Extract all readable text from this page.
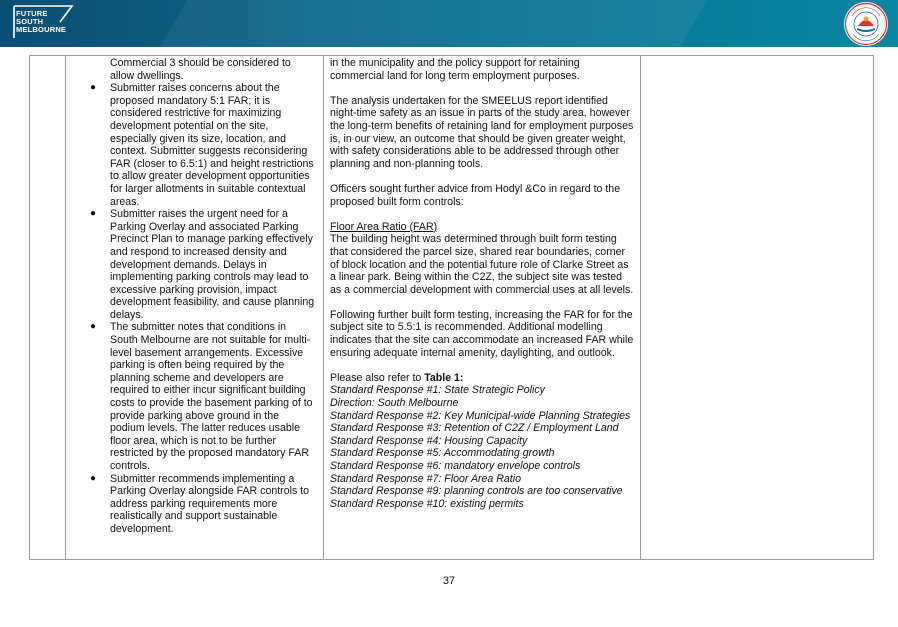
FUTURE
SOUTH
MELBOURNE
Commercial 3 should be considered to allow dwellings.
● Submitter raises concerns about the proposed mandatory 5:1 FAR; it is considered restrictive for maximizing development potential on the site, especially given its size, location, and context. Submitter suggests reconsidering FAR (closer to 6.5:1) and height restrictions to allow greater development opportunities for larger allotments in suitable contextual areas.
● Submitter raises the urgent need for a Parking Overlay and associated Parking Precinct Plan to manage parking effectively and respond to increased density and development demands. Delays in implementing parking controls may lead to excessive parking provision, impact development feasibility, and cause planning delays.
● The submitter notes that conditions in South Melbourne are not suitable for multi-level basement arrangements. Excessive parking is often being required by the planning scheme and developers are required to either incur significant building costs to provide the basement parking of to provide parking above ground in the podium levels. The latter reduces usable floor area, which is not to be further restricted by the proposed mandatory FAR controls.
● Submitter recommends implementing a Parking Overlay alongside FAR controls to address parking requirements more realistically and support sustainable development.

in the municipality and the policy support for retaining commercial land for long term employment purposes.

The analysis undertaken for the SMEELUS report identified night-time safety as an issue in parts of the study area, however the long-term benefits of retaining land for employment purposes is, in our view, an outcome that should be given greater weight, with safety considerations able to be addressed through other planning and non-planning tools.

Officers sought further advice from Hodyl &Co in regard to the proposed built form controls:

Floor Area Ratio (FAR)

The building height was determined through built form testing that considered the parcel size, shared rear boundaries, corner of block location and the potential future role of Clarke Street as a linear park. Being within the C2Z, the subject site was tested as a commercial development with commercial uses at all levels.

Following further built form testing, increasing the FAR for for the subject site to 5.5:1 is recommended. Additional modelling indicates that the site can accommodate an increased FAR while ensuring adequate internal amenity, daylighting, and outlook.

Please also refer to Table 1:
Standard Response #1: State Strategic Policy
Direction: South Melbourne
Standard Response #2: Key Municipal-wide Planning Strategies
Standard Response #3: Retention of C2Z / Employment Land
Standard Response #4: Housing Capacity
Standard Response #5: Accommodating growth
Standard Response #6: mandatory envelope controls
Standard Response #7: Floor Area Ratio
Standard Response #9: planning controls are too conservative
Standard Response #10: existing permits
37
